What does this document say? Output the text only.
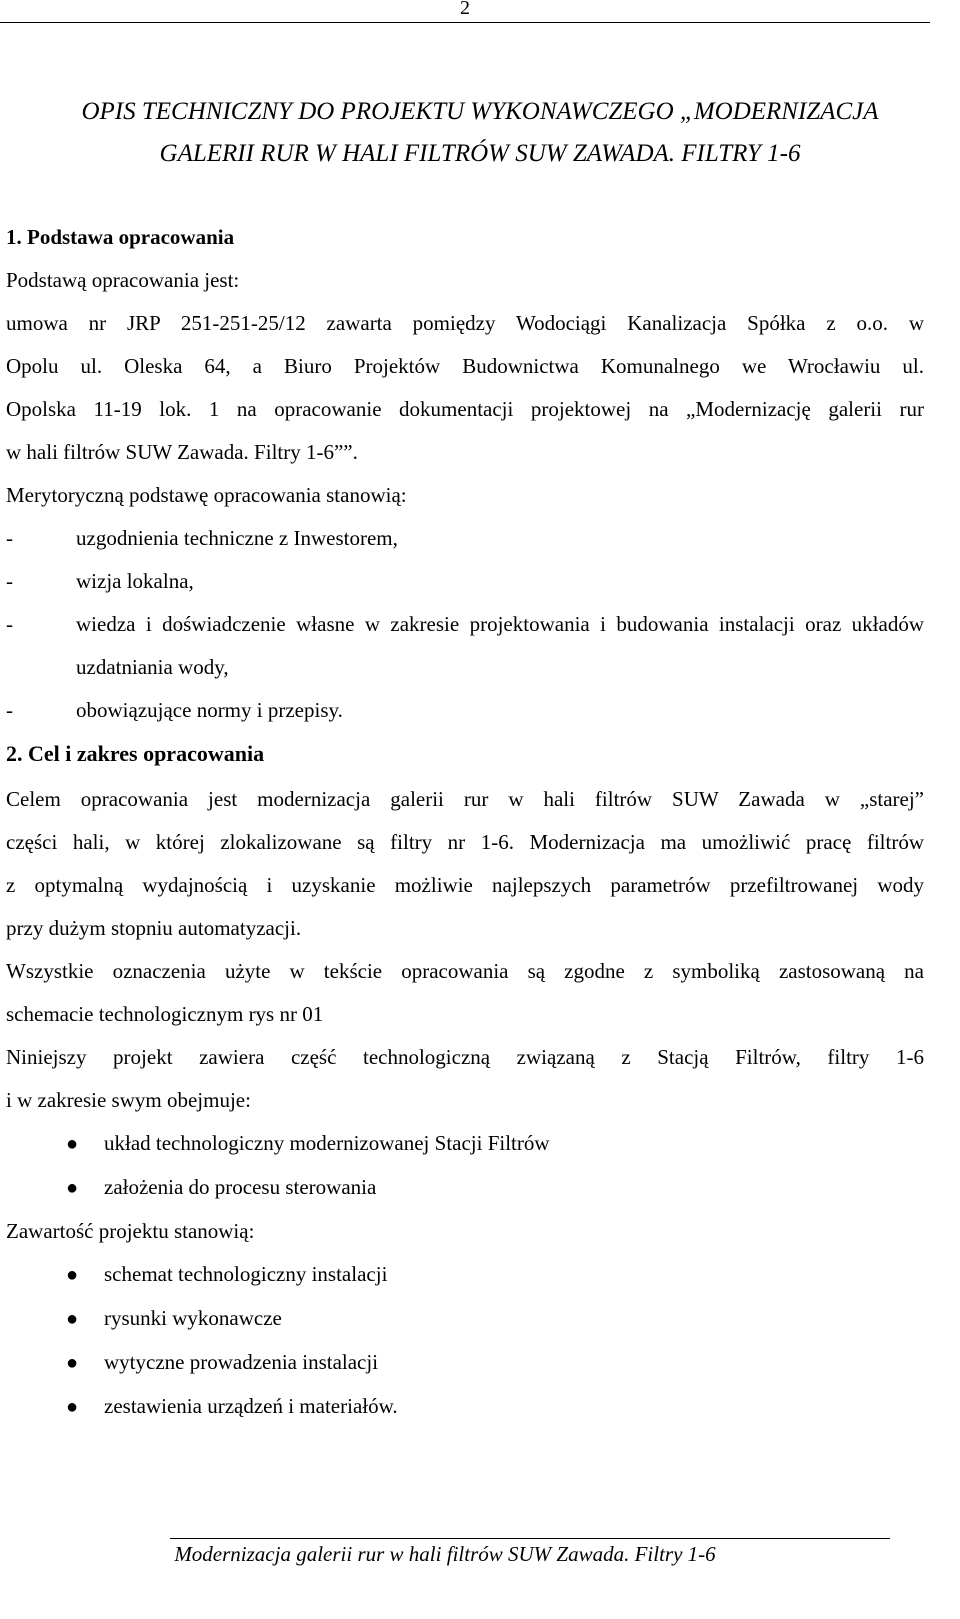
2
OPIS TECHNICZNY DO PROJEKTU WYKONAWCZEGO „MODERNIZACJA
GALERII RUR W HALI FILTRÓW SUW ZAWADA. FILTRY 1-6
1. Podstawa opracowania
Podstawą opracowania jest:
umowa nr JRP 251-251-25/12 zawarta pomiędzy Wodociągi Kanalizacja Spółka z o.o. w
Opolu ul. Oleska 64, a Biuro Projektów Budownictwa Komunalnego we Wrocławiu ul.
Opolska 11-19 lok. 1 na opracowanie dokumentacji projektowej na „Modernizację galerii rur
w hali filtrów SUW Zawada. Filtry 1-6””.
Merytoryczną podstawę opracowania stanowią:
-	uzgodnienia techniczne z Inwestorem,
-	wizja lokalna,
-	wiedza i doświadczenie własne w zakresie projektowania i budowania instalacji oraz układów uzdatniania wody,
-	obowiązujące normy i przepisy.
2. Cel i zakres opracowania
Celem opracowania jest modernizacja galerii rur w hali filtrów SUW Zawada w „starej”
części hali, w której zlokalizowane są filtry nr 1-6. Modernizacja ma umożliwić pracę filtrów
z optymalną wydajnością i uzyskanie możliwie najlepszych parametrów przefiltrowanej wody
przy dużym stopniu automatyzacji.
Wszystkie oznaczenia użyte w tekście opracowania są zgodne z symboliką zastosowaną na
schemacie technologicznym rys nr 01
Niniejszy projekt zawiera część technologiczną związaną z Stacją Filtrów, filtry 1-6
i w zakresie swym obejmuje:
●	układ technologiczny modernizowanej Stacji Filtrów
●	założenia do procesu sterowania
Zawartość projektu stanowią:
●	schemat technologiczny instalacji
●	rysunki wykonawcze
●	wytyczne prowadzenia instalacji
●	zestawienia urządzeń i materiałów.
Modernizacja galerii rur w hali filtrów SUW Zawada. Filtry 1-6
